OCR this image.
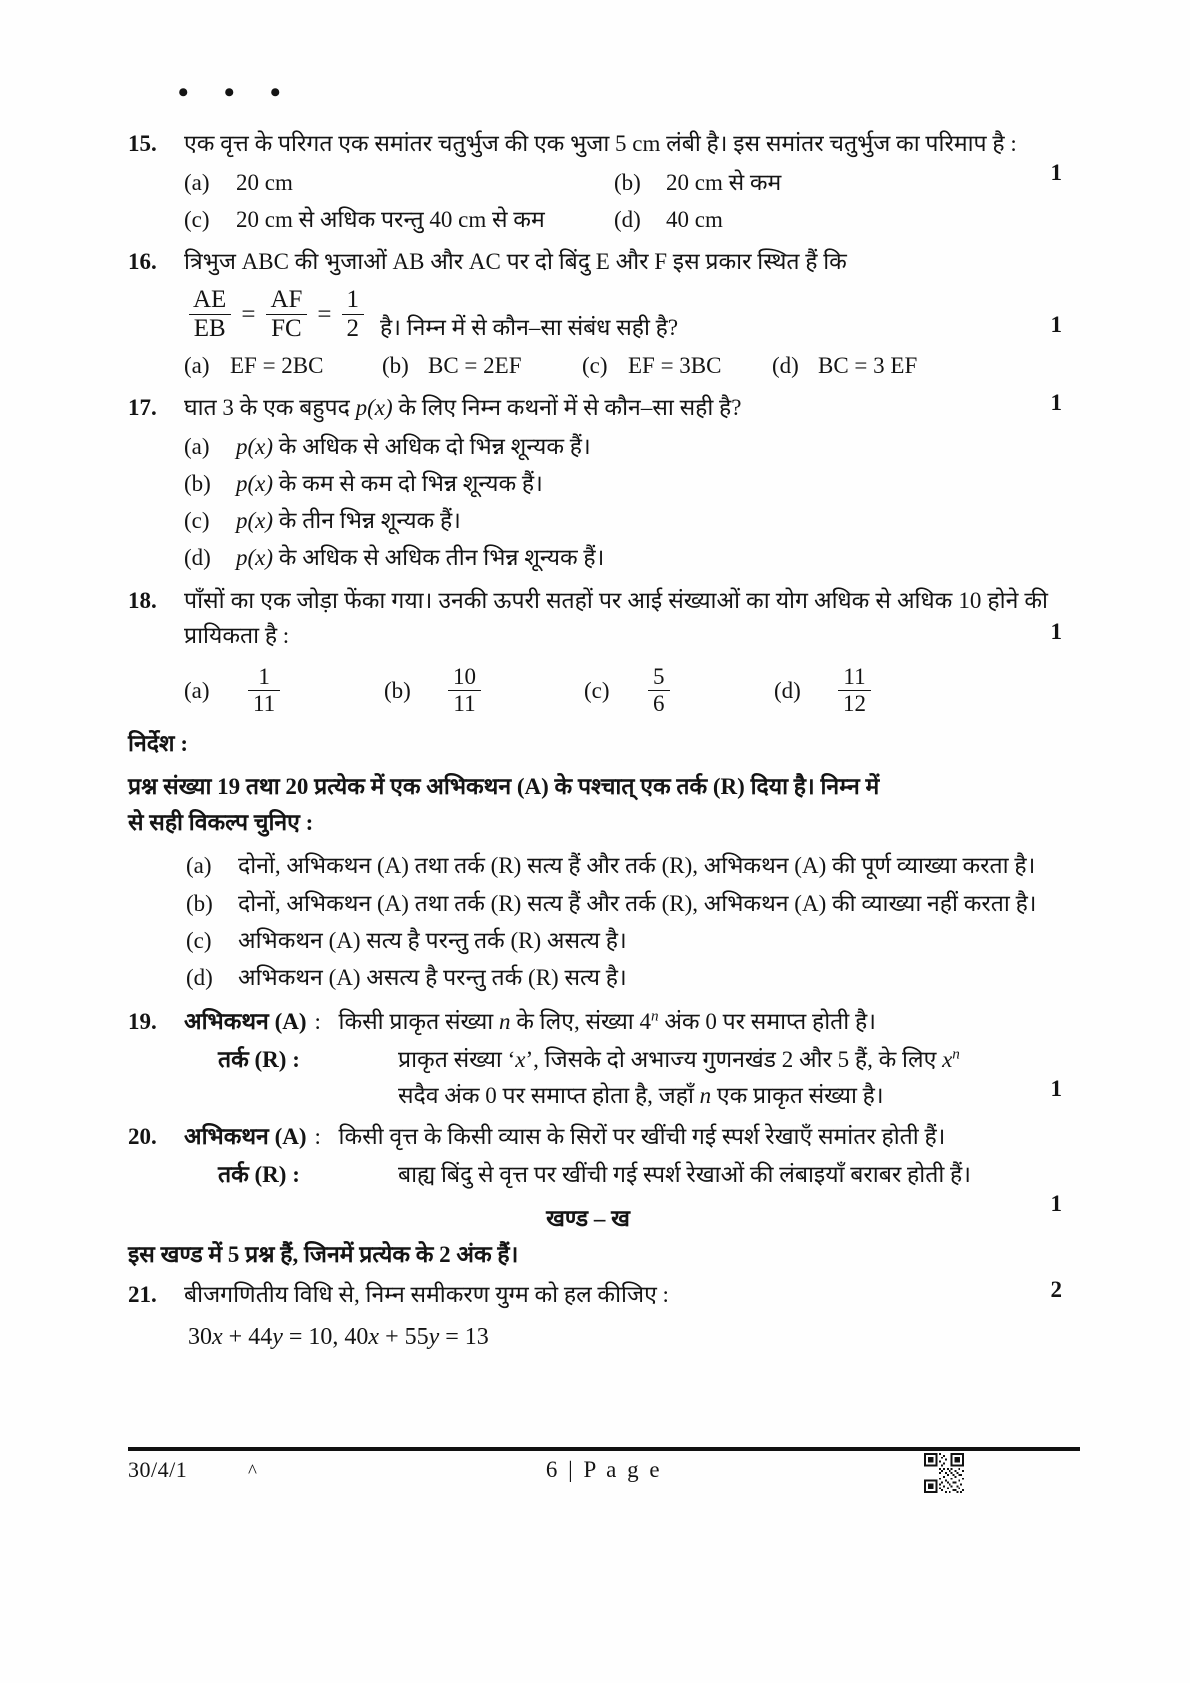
• • •
15.	एक वृत्त के परिगत एक समांतर चतुर्भुज की एक भुजा 5 cm लंबी है। इस समांतर चतुर्भुज का परिमाप है :
(a)	20 cm	(b)	20 cm से कम
(c)	20 cm से अधिक परन्तु 40 cm से कम	(d)	40 cm
1
16.	त्रिभुज ABC की भुजाओं AB और AC पर दो बिंदु E और F इस प्रकार स्थित हैं कि
$\frac{AE}{EB} = \frac{AF}{FC} = \frac{1}{2}$ है। निम्न में से कौन–सा संबंध सही है?
(a) EF = 2BC	(b) BC = 2EF	(c) EF = 3BC	(d) BC = 3 EF
1
17.	घात 3 के एक बहुपद p(x) के लिए निम्न कथनों में से कौन–सा सही है?
(a)	p(x) के अधिक से अधिक दो भिन्न शून्यक हैं।
(b)	p(x) के कम से कम दो भिन्न शून्यक हैं।
(c)	p(x) के तीन भिन्न शून्यक हैं।
(d)	p(x) के अधिक से अधिक तीन भिन्न शून्यक हैं।
1
18.	पाँसों का एक जोड़ा फेंका गया। उनकी ऊपरी सतहों पर आई संख्याओं का योग अधिक से अधिक 10 होने की प्रायिकता है :
(a)	$\frac{1}{11}$	(b)	$\frac{10}{11}$	(c)	$\frac{5}{6}$	(d)	$\frac{11}{12}$
1
निर्देश :
प्रश्न संख्या 19 तथा 20 प्रत्येक में एक अभिकथन (A) के पश्चात् एक तर्क (R) दिया है। निम्न में
से सही विकल्प चुनिए :
(a)	दोनों, अभिकथन (A) तथा तर्क (R) सत्य हैं और तर्क (R), अभिकथन (A) की पूर्ण व्याख्या करता है।
(b)	दोनों, अभिकथन (A) तथा तर्क (R) सत्य हैं और तर्क (R), अभिकथन (A) की व्याख्या नहीं करता है।
(c)	अभिकथन (A) सत्य है परन्तु तर्क (R) असत्य है।
(d)	अभिकथन (A) असत्य है परन्तु तर्क (R) सत्य है।
19.	अभिकथन (A) : किसी प्राकृत संख्या n के लिए, संख्या 4$^n$ अंक 0 पर समाप्त होती है।
तर्क (R) :	प्राकृत संख्या ‘x’, जिसके दो अभाज्य गुणनखंड 2 और 5 हैं, के लिए $x^n$
सदैव अंक 0 पर समाप्त होता है, जहाँ n एक प्राकृत संख्या है।	1
20.	अभिकथन (A) : किसी वृत्त के किसी व्यास के सिरों पर खींची गई स्पर्श रेखाएँ समांतर होती हैं।
तर्क (R) :	बाह्य बिंदु से वृत्त पर खींची गई स्पर्श रेखाओं की लंबाइयाँ बराबर होती हैं।
1
खण्ड – ख
इस खण्ड में 5 प्रश्न हैं, जिनमें प्रत्येक के 2 अंक हैं।
21.	बीजगणितीय विधि से, निम्न समीकरण युग्म को हल कीजिए :
30x + 44y = 10, 40x + 55y = 13
2
30/4/1	^	6 | P a g e
